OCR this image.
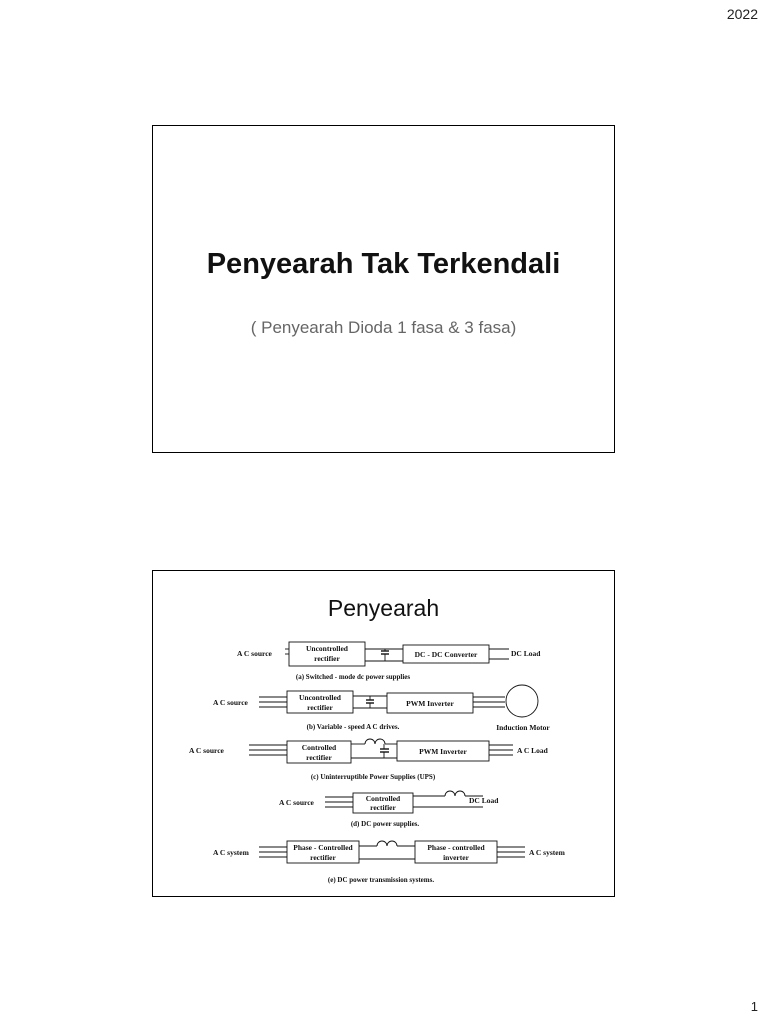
2022
Penyearah Tak Terkendali
( Penyearah Dioda 1 fasa & 3 fasa)
Penyearah
A C source
Uncontrolled
rectifier	DC - DC Converter	DC Load
(a) Switched - mode dc power supplies
A C source
Uncontrolled
rectifier	PWM Inverter
Induction Motor
(b) Variable - speed A C drives.
A C source	Controlled
rectifier
PWM Inverter	A C Load
(c) Uninterruptible Power Supplies (UPS)
A C source	Controlled
rectifier
DC Load
(d) DC power supplies.
A C system
Phase - Controlled
rectifier
Phase - controlled
inverter
A C system
(e) DC power transmission systems.
1
